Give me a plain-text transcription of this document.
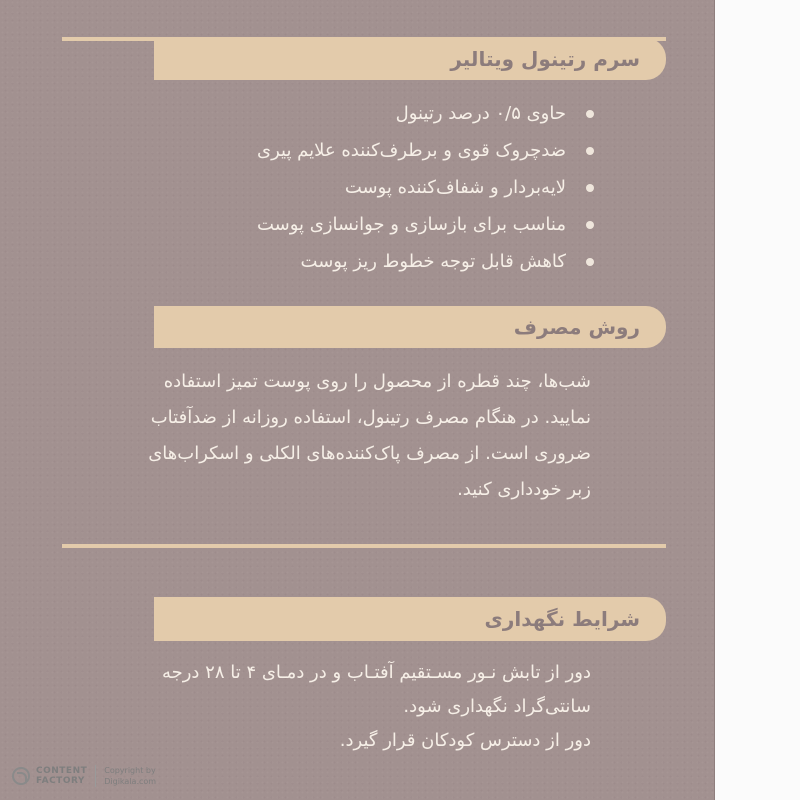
سرم رتینول ویتالیر
حاوی ۰/۵ درصد رتینول
ضدچروک قوی و برطرف‌کننده علایم پیری
لایه‌بردار و شفاف‌کننده پوست
مناسب برای بازسازی و جوانسازی پوست
کاهش قابل توجه خطوط ریز پوست
روش مصرف

شب‌ها، چند قطره از محصول را روی پوست تمیز استفاده

نمایید. در هنگام مصرف رتینول، استفاده روزانه از ضدآفتاب

ضروری است. از مصرف پاک‌کننده‌های الکلی و اسکراب‌های

زبر خودداری کنید.

شرایط نگهداری

دور از تابش نـور مسـتقیم آفتـاب و در دمـای ۴ تا ۲۸ درجه

سانتی‌گراد نگهداری شود.

دور از دسترس کودکان قرار گیرد.

CONTENT
FACTORY
Copyright by
Digikala.com
